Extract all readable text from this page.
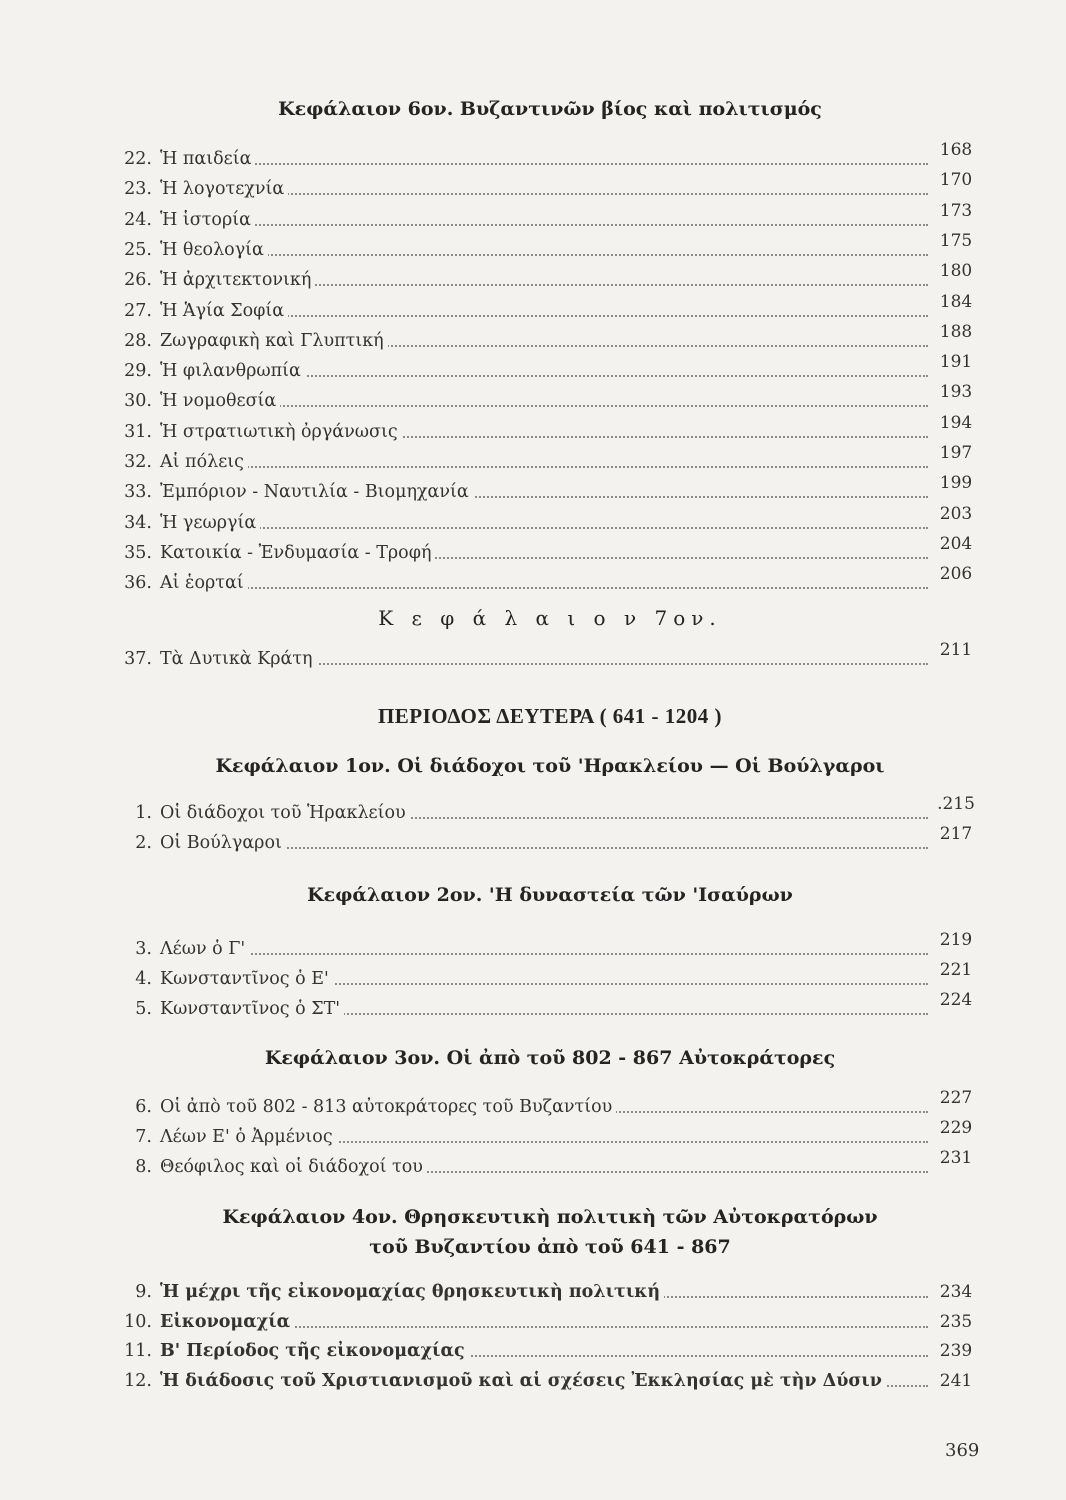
Κεφάλαιον 6ον. Βυζαντινῶν βίος καὶ πολιτισμός
22. Ἡ παιδεία	168
23. Ἡ λογοτεχνία	170
24. Ἡ ἱστορία	173
25. Ἡ θεολογία	175
26. Ἡ ἀρχιτεκτονική	180
27. Ἡ Ἁγία Σοφία	184
28. Ζωγραφικὴ καὶ Γλυπτική	188
29. Ἡ φιλανθρωπία	191
30. Ἡ νομοθεσία	193
31. Ἡ στρατιωτικὴ ὀργάνωσις	194
32. Αἱ πόλεις	197
33. Ἐμπόριον - Ναυτιλία - Βιομηχανία	199
34. Ἡ γεωργία	203
35. Κατοικία - Ἐνδυμασία - Τροφή	204
36. Αἱ ἑορταί	206
Κ ε φ ά λ α ι ο ν 7ον.
37. Τὰ Δυτικὰ Κράτη	211
ΠΕΡΙΟΔΟΣ ΔΕΥΤΕΡΑ ( 641 - 1204 )
Κεφάλαιον 1ον. Οἱ διάδοχοι τοῦ 'Ηρακλείου — Οἱ Βούλγαροι
1. Οἱ διάδοχοι τοῦ Ἡρακλείου	.215
2. Οἱ Βούλγαροι	217
Κεφάλαιον 2ον. 'Η δυναστεία τῶν 'Ισαύρων
3. Λέων ὁ Γ'	219
4. Κωνσταντῖνος ὁ Ε'	221
5. Κωνσταντῖνος ὁ ΣΤ'	224
Κεφάλαιον 3ον. Οἱ ἀπὸ τοῦ 802 - 867 Αὐτοκράτορες
6. Οἱ ἀπὸ τοῦ 802 - 813 αὐτοκράτορες τοῦ Βυζαντίου	227
7. Λέων Ε' ὁ Ἀρμένιος	229
8. Θεόφιλος καὶ οἱ διάδοχοί του	231
Κεφάλαιον 4ον. Θρησκευτικὴ πολιτικὴ τῶν Αὐτοκρατόρων
τοῦ Βυζαντίου ἀπὸ τοῦ 641 - 867
9. Ἡ μέχρι τῆς εἰκονομαχίας θρησκευτικὴ πολιτική	234
10. Εἰκονομαχία	235
11. Β' Περίοδος τῆς εἰκονομαχίας	239
12. Ἡ διάδοσις τοῦ Χριστιανισμοῦ καὶ αἱ σχέσεις Ἐκκλησίας μὲ τὴν Δύσιν	241
369
